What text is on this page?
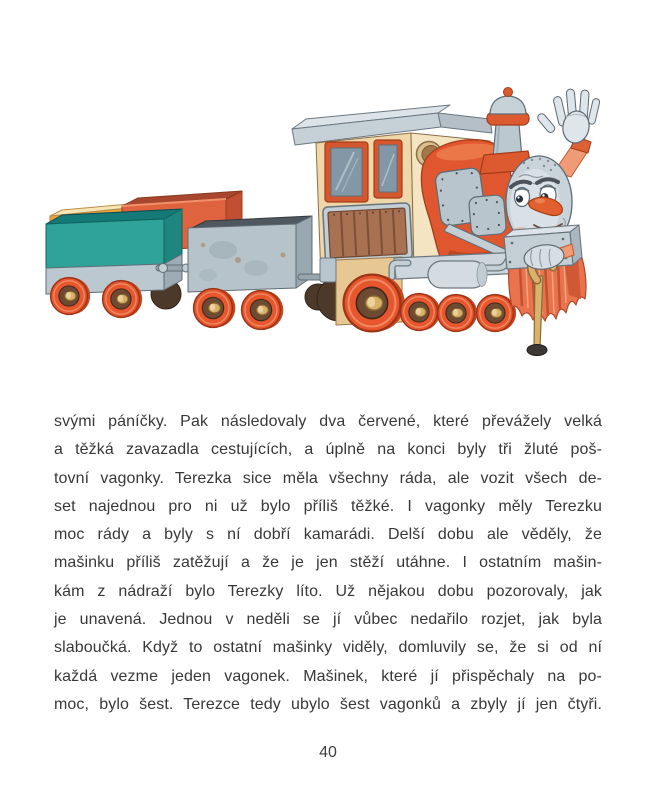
svými páníčky. Pak následovaly dva červené, které převážely velká

a těžká zavazadla cestujících, a úplně na konci byly tři žluté poš-

tovní vagonky. Terezka sice měla všechny ráda, ale vozit všech de-

set najednou pro ni už bylo příliš těžké. I vagonky měly Terezku

moc rády a byly s ní dobří kamarádi. Delší dobu ale věděly, že

mašinku příliš zatěžují a že je jen stěží utáhne. I ostatním mašin-

kám z nádraží bylo Terezky líto. Už nějakou dobu pozorovaly, jak

je unavená. Jednou v neděli se jí vůbec nedařilo rozjet, jak byla

slaboučká. Když to ostatní mašinky viděly, domluvily se, že si od ní

každá vezme jeden vagonek. Mašinek, které jí přispěchaly na po-

moc, bylo šest. Terezce tedy ubylo šest vagonků a zbyly jí jen čtyři.

40
